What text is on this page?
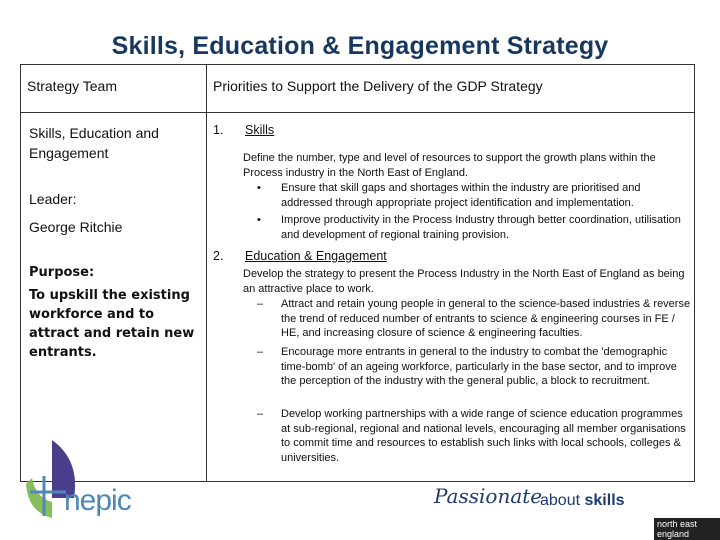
Skills, Education & Engagement Strategy
Strategy Team	Priorities to Support the Delivery of the GDP Strategy
Skills, Education and Engagement
Leader:
George Ritchie
Purpose:
To upskill the existing workforce and to attract and retain new entrants.
1. Skills
Define the number, type and level of resources to support the growth plans within the Process industry in the North East of England.
• Ensure that skill gaps and shortages within the industry are prioritised and addressed through appropriate project identification and implementation.
• Improve productivity in the Process Industry through better coordination, utilisation and development of regional training provision.
2. Education & Engagement
Develop the strategy to present the Process Industry in the North East of England as being an attractive place to work.
– Attract and retain young people in general to the science-based industries & reverse the trend of reduced number of entrants to science & engineering courses in FE / HE, and increasing closure of science & engineering faculties.
– Encourage more entrants in general to the industry to combat the 'demographic time-bomb' of an ageing workforce, particularly in the base sector, and to improve the perception of the industry with the general public, a block to recruitment.
– Develop working partnerships with a wide range of science education programmes at sub-regional, regional and national levels, encouraging all member organisations to commit time and resources to establish such links with local schools, colleges & universities.
nepic	Passionate
about skills
north east england
